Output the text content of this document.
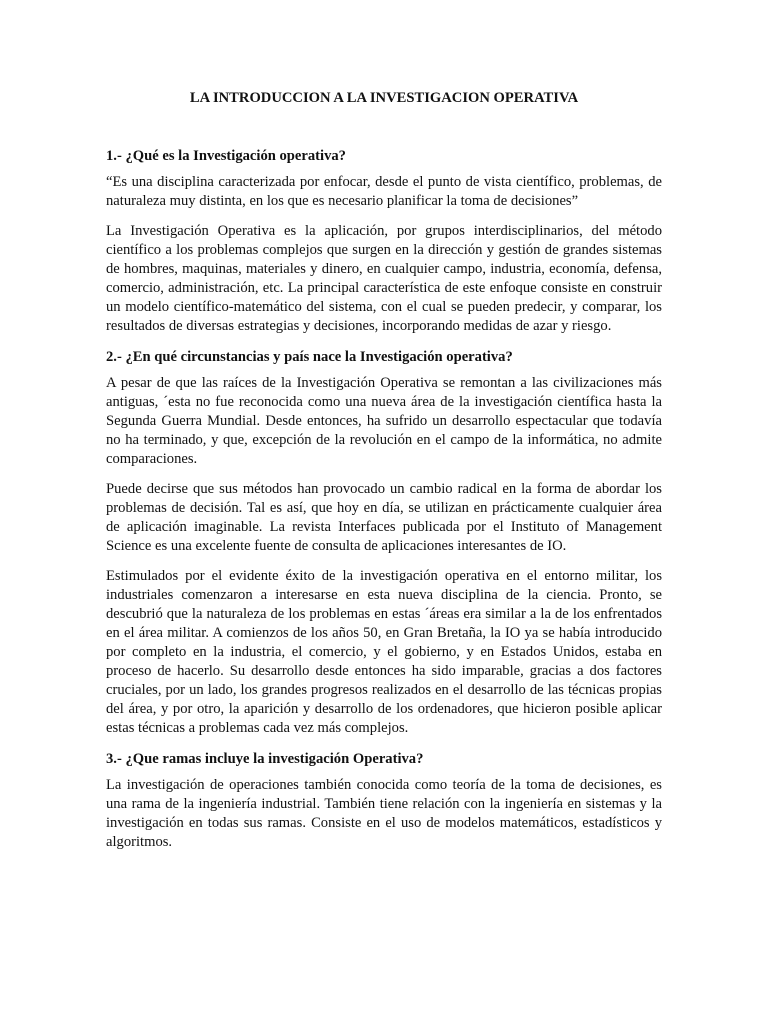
LA INTRODUCCION A LA INVESTIGACION OPERATIVA
1.- ¿Qué es la Investigación operativa?

“Es una disciplina caracterizada por enfocar, desde el punto de vista científico, problemas, de naturaleza muy distinta, en los que es necesario planificar la toma de decisiones”

La Investigación Operativa es la aplicación, por grupos interdisciplinarios, del método científico a los problemas complejos que surgen en la dirección y gestión de grandes sistemas de hombres, maquinas, materiales y dinero, en cualquier campo, industria, economía, defensa, comercio, administración, etc. La principal característica de este enfoque consiste en construir un modelo científico-matemático del sistema, con el cual se pueden predecir, y comparar, los resultados de diversas estrategias y decisiones, incorporando medidas de azar y riesgo.

2.- ¿En qué circunstancias y país nace la Investigación operativa?

A pesar de que las raíces de la Investigación Operativa se remontan a las civilizaciones más antiguas, ´esta no fue reconocida como una nueva área de la investigación científica hasta la Segunda Guerra Mundial. Desde entonces, ha sufrido un desarrollo espectacular que todavía no ha terminado, y que, excepción de la revolución en el campo de la informática, no admite comparaciones.

Puede decirse que sus métodos han provocado un cambio radical en la forma de abordar los problemas de decisión. Tal es así, que hoy en día, se utilizan en prácticamente cualquier área de aplicación imaginable. La revista Interfaces publicada por el Instituto of Management Science es una excelente fuente de consulta de aplicaciones interesantes de IO.

Estimulados por el evidente éxito de la investigación operativa en el entorno militar, los industriales comenzaron a interesarse en esta nueva disciplina de la ciencia. Pronto, se descubrió que la naturaleza de los problemas en estas ´áreas era similar a la de los enfrentados en el área militar. A comienzos de los años 50, en Gran Bretaña, la IO ya se había introducido por completo en la industria, el comercio, y el gobierno, y en Estados Unidos, estaba en proceso de hacerlo. Su desarrollo desde entonces ha sido imparable, gracias a dos factores cruciales, por un lado, los grandes progresos realizados en el desarrollo de las técnicas propias del área, y por otro, la aparición y desarrollo de los ordenadores, que hicieron posible aplicar estas técnicas a problemas cada vez más complejos.

3.- ¿Que ramas incluye la investigación Operativa?

La investigación de operaciones también conocida como teoría de la toma de decisiones, es una rama de la ingeniería industrial. También tiene relación con la ingeniería en sistemas y la investigación en todas sus ramas. Consiste en el uso de modelos matemáticos, estadísticos y algoritmos.
